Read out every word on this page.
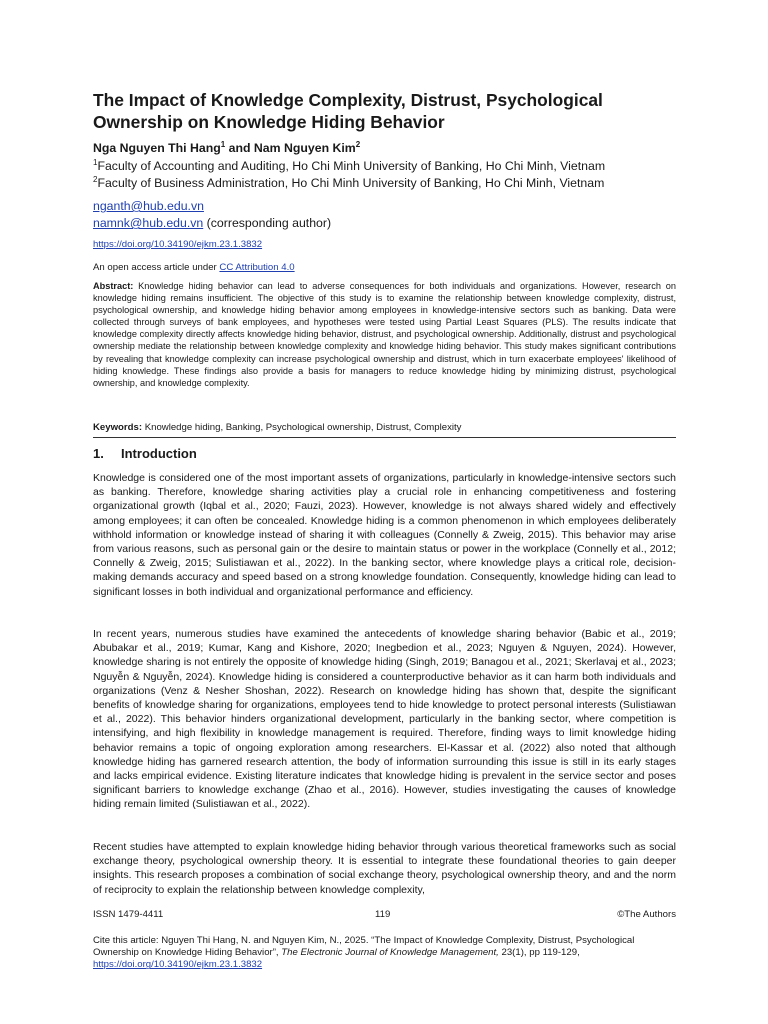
The Impact of Knowledge Complexity, Distrust, Psychological Ownership on Knowledge Hiding Behavior
Nga Nguyen Thi Hang$^1$ and Nam Nguyen Kim$^2$
$^1$Faculty of Accounting and Auditing, Ho Chi Minh University of Banking, Ho Chi Minh, Vietnam
$^2$Faculty of Business Administration, Ho Chi Minh University of Banking, Ho Chi Minh, Vietnam
nganth@hub.edu.vn
namnk@hub.edu.vn (corresponding author)
https://doi.org/10.34190/ejkm.23.1.3832
An open access article under CC Attribution 4.0

Abstract: Knowledge hiding behavior can lead to adverse consequences for both individuals and organizations. However, research on knowledge hiding remains insufficient. The objective of this study is to examine the relationship between knowledge complexity, distrust, psychological ownership, and knowledge hiding behavior among employees in knowledge-intensive sectors such as banking. Data were collected through surveys of bank employees, and hypotheses were tested using Partial Least Squares (PLS). The results indicate that knowledge complexity directly affects knowledge hiding behavior, distrust, and psychological ownership. Additionally, distrust and psychological ownership mediate the relationship between knowledge complexity and knowledge hiding behavior. This study makes significant contributions by revealing that knowledge complexity can increase psychological ownership and distrust, which in turn exacerbate employees' likelihood of hiding knowledge. These findings also provide a basis for managers to reduce knowledge hiding by minimizing distrust, psychological ownership, and knowledge complexity.

Keywords: Knowledge hiding, Banking, Psychological ownership, Distrust, Complexity

1. Introduction

Knowledge is considered one of the most important assets of organizations, particularly in knowledge-intensive sectors such as banking. Therefore, knowledge sharing activities play a crucial role in enhancing competitiveness and fostering organizational growth (Iqbal et al., 2020; Fauzi, 2023). However, knowledge is not always shared widely and effectively among employees; it can often be concealed. Knowledge hiding is a common phenomenon in which employees deliberately withhold information or knowledge instead of sharing it with colleagues (Connelly & Zweig, 2015). This behavior may arise from various reasons, such as personal gain or the desire to maintain status or power in the workplace (Connelly et al., 2012; Connelly & Zweig, 2015; Sulistiawan et al., 2022). In the banking sector, where knowledge plays a critical role, decision-making demands accuracy and speed based on a strong knowledge foundation. Consequently, knowledge hiding can lead to significant losses in both individual and organizational performance and efficiency.

In recent years, numerous studies have examined the antecedents of knowledge sharing behavior (Babic et al., 2019; Abubakar et al., 2019; Kumar, Kang and Kishore, 2020; Inegbedion et al., 2023; Nguyen & Nguyen, 2024). However, knowledge sharing is not entirely the opposite of knowledge hiding (Singh, 2019; Banagou et al., 2021; Skerlavaj et al., 2023; Nguyễn & Nguyễn, 2024). Knowledge hiding is considered a counterproductive behavior as it can harm both individuals and organizations (Venz & Nesher Shoshan, 2022). Research on knowledge hiding has shown that, despite the significant benefits of knowledge sharing for organizations, employees tend to hide knowledge to protect personal interests (Sulistiawan et al., 2022). This behavior hinders organizational development, particularly in the banking sector, where competition is intensifying, and high flexibility in knowledge management is required. Therefore, finding ways to limit knowledge hiding behavior remains a topic of ongoing exploration among researchers. El-Kassar et al. (2022) also noted that although knowledge hiding has garnered research attention, the body of information surrounding this issue is still in its early stages and lacks empirical evidence. Existing literature indicates that knowledge hiding is prevalent in the service sector and poses significant barriers to knowledge exchange (Zhao et al., 2016). However, studies investigating the causes of knowledge hiding remain limited (Sulistiawan et al., 2022).

Recent studies have attempted to explain knowledge hiding behavior through various theoretical frameworks such as social exchange theory, psychological ownership theory. It is essential to integrate these foundational theories to gain deeper insights. This research proposes a combination of social exchange theory, psychological ownership theory, and and the norm of reciprocity to explain the relationship between knowledge complexity,

ISSN 1479-4411	119	©The Authors

Cite this article: Nguyen Thi Hang, N. and Nguyen Kim, N., 2025. “The Impact of Knowledge Complexity, Distrust, Psychological Ownership on Knowledge Hiding Behavior”, The Electronic Journal of Knowledge Management, 23(1), pp 119-129, https://doi.org/10.34190/ejkm.23.1.3832
